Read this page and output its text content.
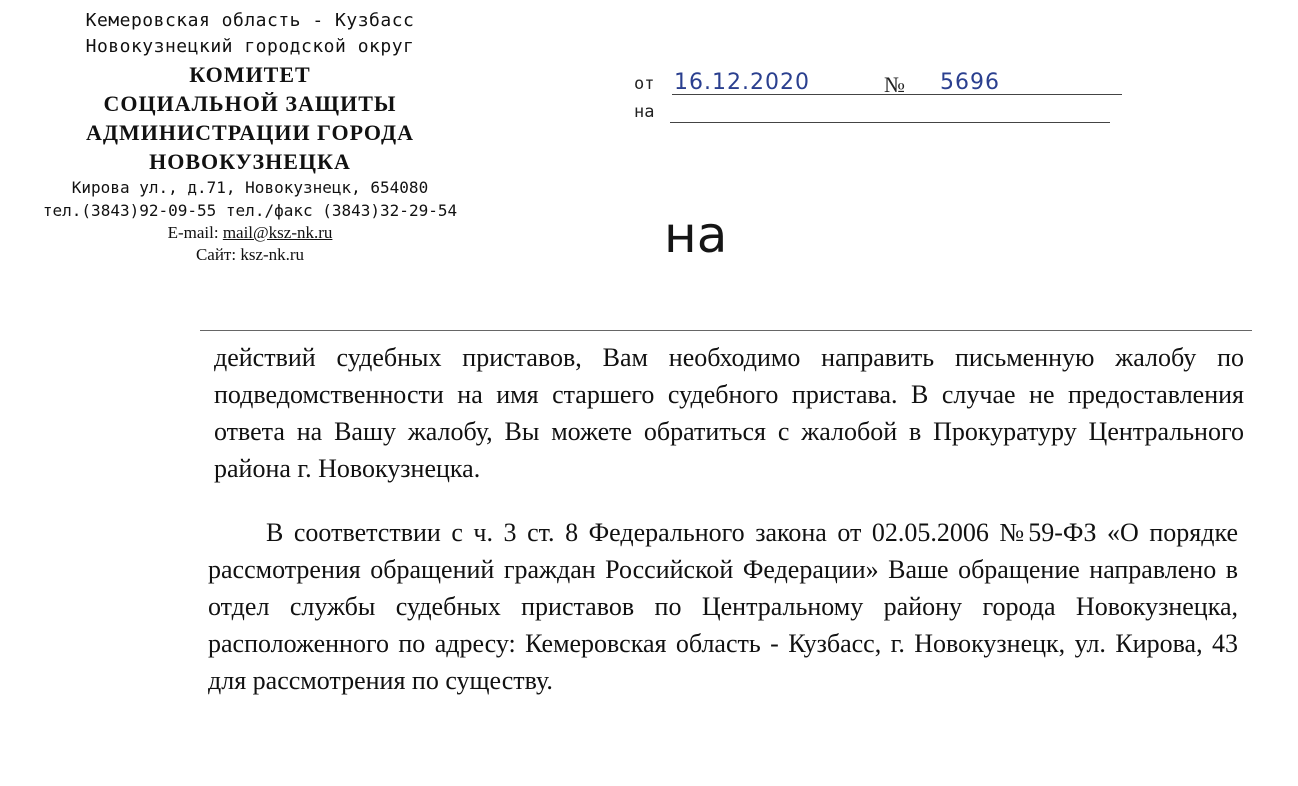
Кемеровская область - Кузбасс
Новокузнецкий городской округ
КОМИТЕТ
СОЦИАЛЬНОЙ ЗАЩИТЫ
АДМИНИСТРАЦИИ ГОРОДА
НОВОКУЗНЕЦКА
Кирова ул., д.71, Новокузнецк, 654080
тел.(3843)92-09-55 тел./факс (3843)32-29-54
E-mail: mail@ksz-nk.ru
Сайт: ksz-nk.ru
от 16.12.2020	№ 5696
на
на

действий судебных приставов, Вам необходимо направить письменную жалобу по подведомственности на имя старшего судебного пристава. В случае не предоставления ответа на Вашу жалобу, Вы можете обратиться с жалобой в Прокуратуру Центрального района г. Новокузнецка.

В соответствии с ч. 3 ст. 8 Федерального закона от 02.05.2006 №59-ФЗ «О порядке рассмотрения обращений граждан Российской Федерации» Ваше обращение направлено в отдел службы судебных приставов по Центральному району города Новокузнецка, расположенного по адресу: Кемеровская область - Кузбасс, г. Новокузнецк, ул. Кирова, 43 для рассмотрения по существу.
